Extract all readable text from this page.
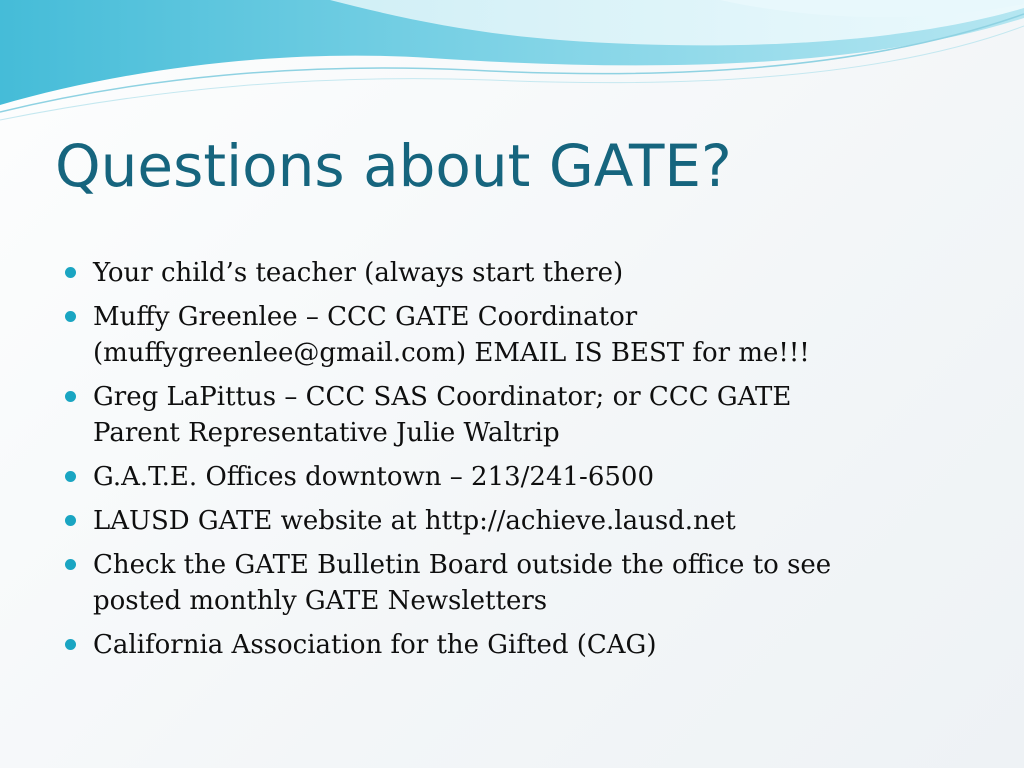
Questions about GATE?
Your child’s teacher (always start there)
Muffy Greenlee – CCC GATE Coordinator
(muffygreenlee@gmail.com) EMAIL IS BEST for me!!!
Greg LaPittus – CCC SAS Coordinator; or CCC GATE
Parent Representative Julie Waltrip
G.A.T.E. Offices downtown – 213/241-6500
LAUSD GATE website at http://achieve.lausd.net
Check the GATE Bulletin Board outside the office to see
posted monthly GATE Newsletters
California Association for the Gifted (CAG)
